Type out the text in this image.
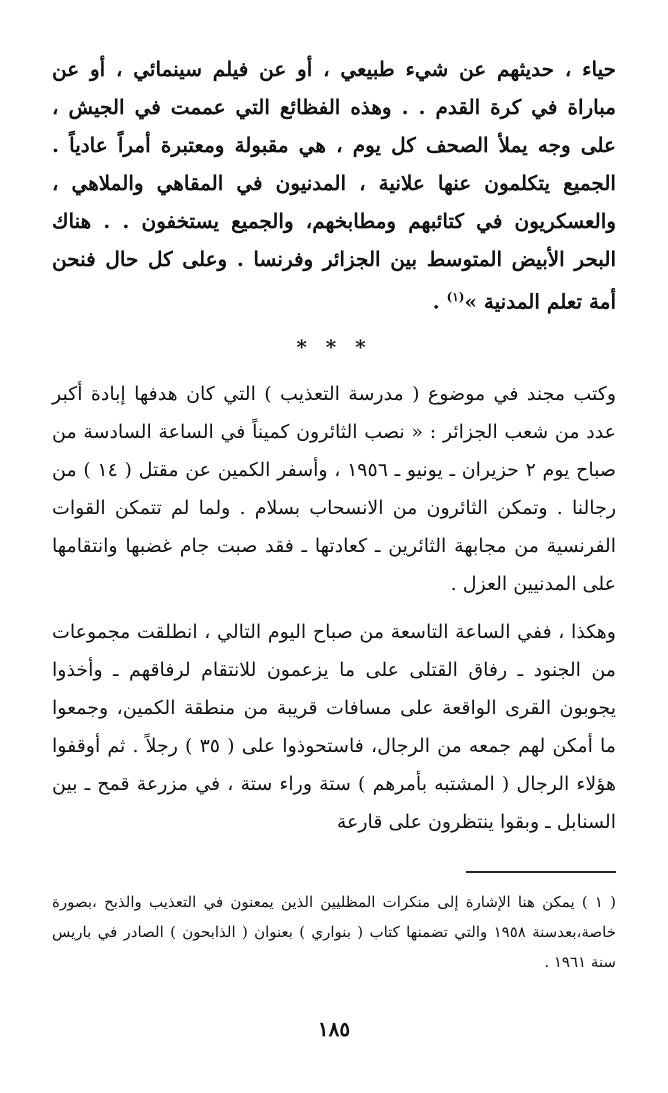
حياء ، حديثهم عن شيء طبيعي ، أو عن فيلم سينمائي ، أو عن مباراة في كرة القدم . . وهذه الفظائع التي عممت في الجيش ، على وجه يملأ الصحف كل يوم ، هي مقبولة ومعتبرة أمراً عادياً . الجميع يتكلمون عنها علانية ، المدنيون في المقاهي والملاهي ، والعسكريون في كتائبهم ومطابخهم، والجميع يستخفون . . هناك البحر الأبيض المتوسط بين الجزائر وفرنسا . وعلى كل حال فنحن أمة تعلم المدنية »$^{(١)}$ .

* * *

وكتب مجند في موضوع ( مدرسة التعذيب ) التي كان هدفها إبادة أكبر عدد من شعب الجزائر : « نصب الثائرون كميناً في الساعة السادسة من صباح يوم ٢ حزيران ـ يونيو ـ ١٩٥٦ ، وأسفر الكمين عن مقتل ( ١٤ ) من رجالنا . وتمكن الثائرون من الانسحاب بسلام . ولما لم تتمكن القوات الفرنسية من مجابهة الثائرين ـ كعادتها ـ فقد صبت جام غضبها وانتقامها على المدنيين العزل .

وهكذا ، ففي الساعة التاسعة من صباح اليوم التالي ، انطلقت مجموعات من الجنود ـ رفاق القتلى على ما يزعمون للانتقام لرفاقهم ـ وأخذوا يجوبون القرى الواقعة على مسافات قريبة من منطقة الكمين، وجمعوا ما أمكن لهم جمعه من الرجال، فاستحوذوا على ( ٣٥ ) رجلاً . ثم أوقفوا هؤلاء الرجال ( المشتبه بأمرهم ) ستة وراء ستة ، في مزرعة قمح ـ بين السنابل ـ وبقوا ينتظرون على قارعة

( ١ ) يمكن هنا الإشارة إلى منكرات المظليين الذين يمعنون في التعذيب والذبح ،بصورة خاصة،بعدسنة ١٩٥٨ والتي تضمنها كتاب ( بنواري ) بعنوان ( الذابحون ) الصادر في باريس سنة ١٩٦١ .

١٨٥
